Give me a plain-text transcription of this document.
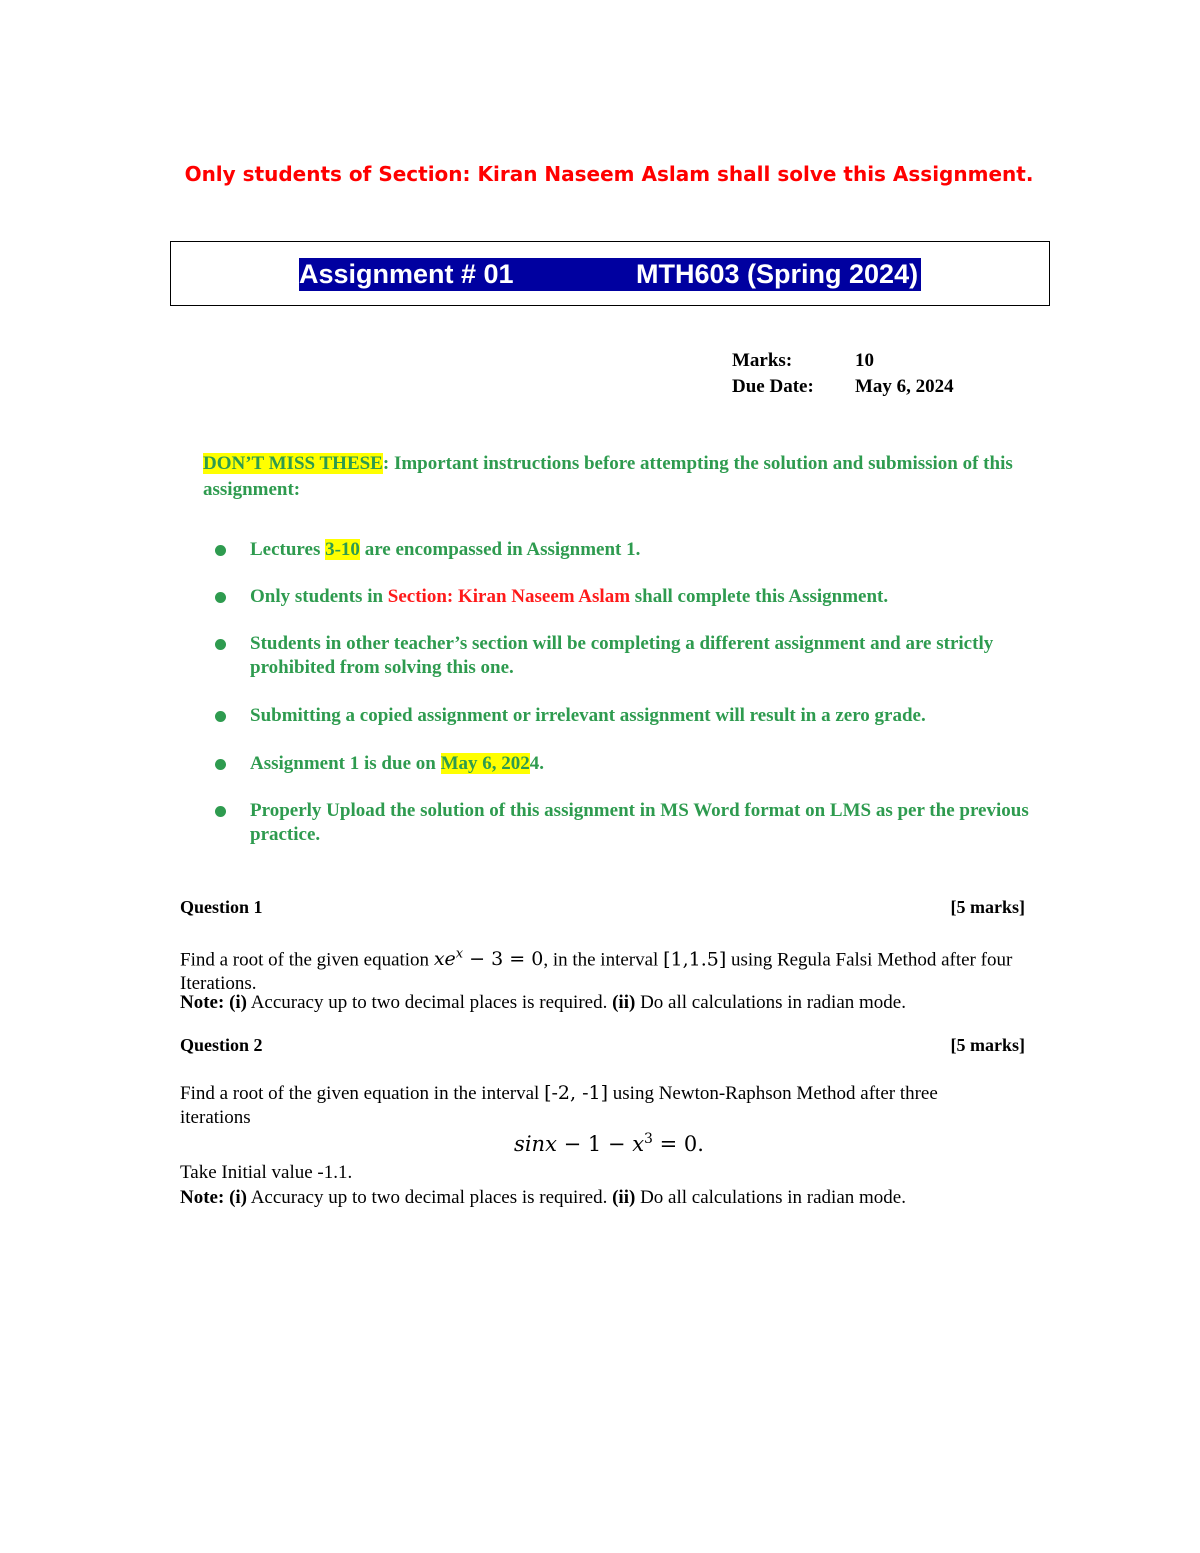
Only students of Section: Kiran Naseem Aslam shall solve this Assignment.
Assignment # 01	MTH603 (Spring 2024)
Marks:	10
Due Date: May 6, 2024
DON’T MISS THESE: Important instructions before attempting the solution and submission of this assignment:
Lectures 3-10 are encompassed in Assignment 1.
Only students in Section: Kiran Naseem Aslam shall complete this Assignment.
Students in other teacher’s section will be completing a different assignment and are strictly prohibited from solving this one.
Submitting a copied assignment or irrelevant assignment will result in a zero grade.
Assignment 1 is due on May 6, 2024.
Properly Upload the solution of this assignment in MS Word format on LMS as per the previous practice.
Question 1	[5 marks]
Find a root of the given equation $xe^x - 3 = 0$, in the interval [1,1.5] using Regula Falsi Method after four Iterations.
Note: (i) Accuracy up to two decimal places is required. (ii) Do all calculations in radian mode.
Question 2	[5 marks]
Find a root of the given equation in the interval [-2, -1] using Newton-Raphson Method after three iterations
$\sin x - 1 - x^3 = 0$.
Take Initial value -1.1.
Note: (i) Accuracy up to two decimal places is required. (ii) Do all calculations in radian mode.
